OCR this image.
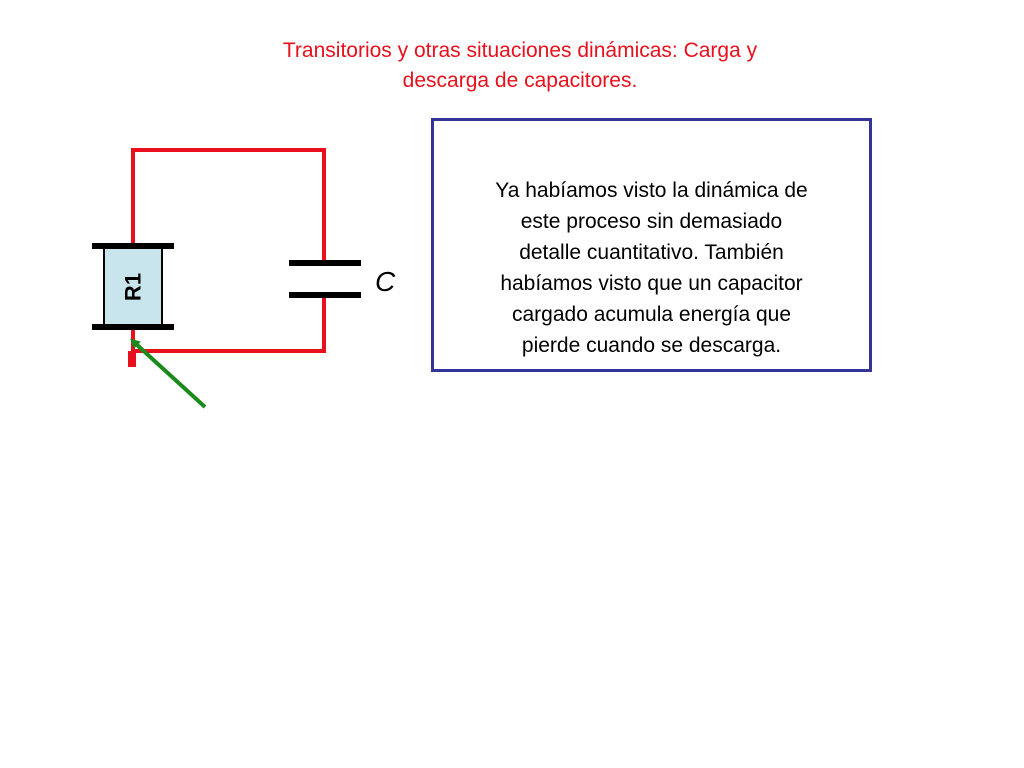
Transitorios y otras situaciones dinámicas: Carga y
descarga de capacitores.
R1	C
Ya habíamos visto la dinámica de
este proceso sin demasiado
detalle cuantitativo. También
habíamos visto que un capacitor
cargado acumula energía que
pierde cuando se descarga.
